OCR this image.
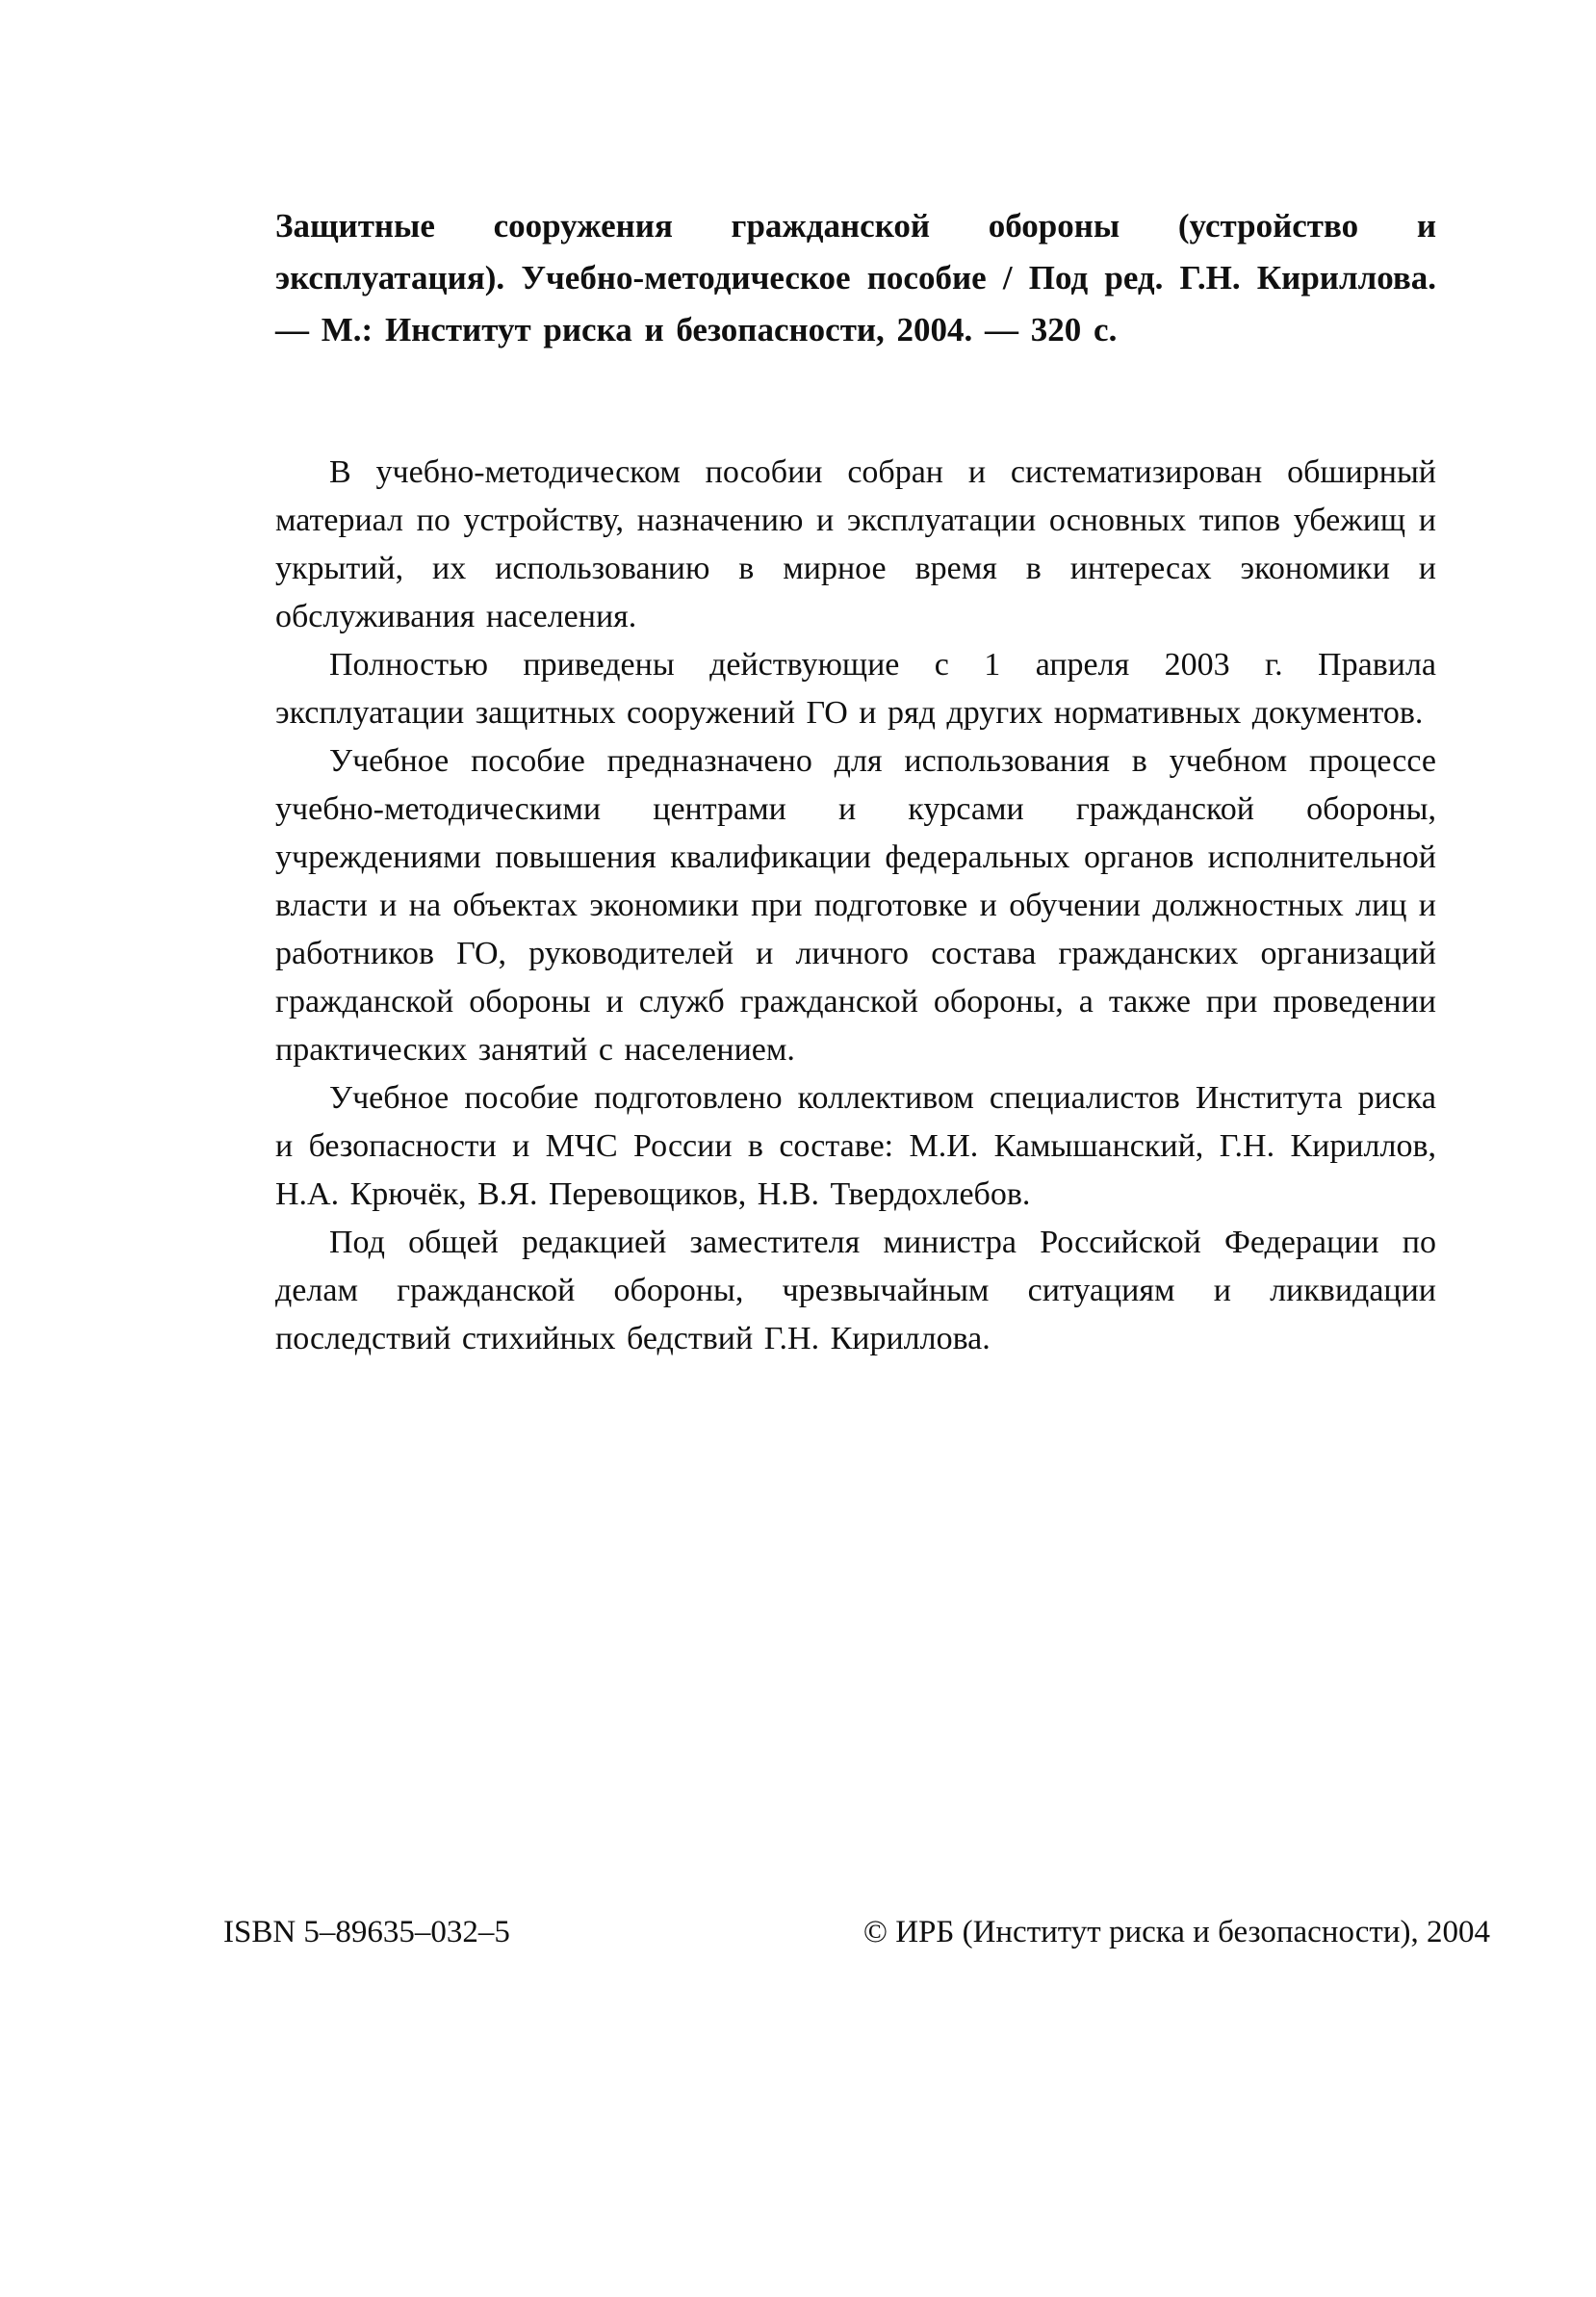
Защитные сооружения гражданской обороны (устройство и эксплуатация). Учебно-методическое пособие / Под ред. Г.Н. Кириллова. — М.: Институт риска и безопасности, 2004. — 320 с.

В учебно-методическом пособии собран и систематизирован обширный материал по устройству, назначению и эксплуатации основных типов убежищ и укрытий, их использованию в мирное время в интересах экономики и обслуживания населения.

Полностью приведены действующие с 1 апреля 2003 г. Правила эксплуатации защитных сооружений ГО и ряд других нормативных документов.

Учебное пособие предназначено для использования в учебном процессе учебно-методическими центрами и курсами гражданской обороны, учреждениями повышения квалификации федеральных органов исполнительной власти и на объектах экономики при подготовке и обучении должностных лиц и работников ГО, руководителей и личного состава гражданских организаций гражданской обороны и служб гражданской обороны, а также при проведении практических занятий с населением.

Учебное пособие подготовлено коллективом специалистов Института риска и безопасности и МЧС России в составе: М.И. Камышанский, Г.Н. Кириллов, Н.А. Крючёк, В.Я. Перевощиков, Н.В. Твердохлебов.

Под общей редакцией заместителя министра Российской Федерации по делам гражданской обороны, чрезвычайным ситуациям и ликвидации последствий стихийных бедствий Г.Н. Кириллова.

ISBN 5–89635–032–5	© ИРБ (Институт риска и безопасности), 2004
